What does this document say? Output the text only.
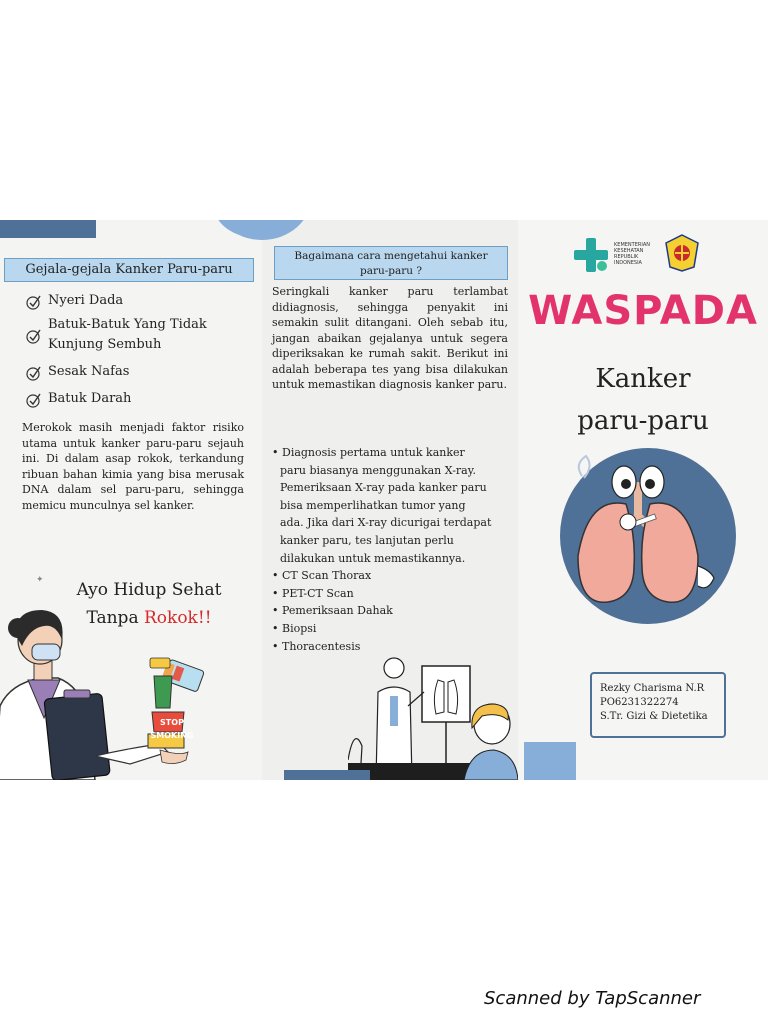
Gejala-gejala Kanker Paru-paru
Nyeri Dada
Batuk-Batuk Yang Tidak
Kunjung Sembuh
Sesak Nafas
Batuk Darah
Merokok masih menjadi faktor risiko utama untuk kanker paru-paru sejauh ini. Di dalam asap rokok, terkandung ribuan bahan kimia yang bisa merusak DNA dalam sel paru-paru, sehingga memicu munculnya sel kanker.
✦	Ayo Hidup Sehat
Tanpa Rokok!!
STOP
SMOKING
Bagaimana cara mengetahui kanker
paru-paru ?
Seringkali kanker paru terlambat didiagnosis, sehingga penyakit ini semakin sulit ditangani. Oleh sebab itu, jangan abaikan gejalanya untuk segera diperiksakan ke rumah sakit. Berikut ini adalah beberapa tes yang bisa dilakukan untuk memastikan diagnosis kanker paru.
• Diagnosis pertama untuk kanker
paru biasanya menggunakan X-ray.
Pemeriksaan X-ray pada kanker paru
bisa memperlihatkan tumor yang
ada. Jika dari X-ray dicurigai terdapat
kanker paru, tes lanjutan perlu
dilakukan untuk memastikannya.
• CT Scan Thorax
• PET-CT Scan
• Pemeriksaan Dahak
• Biopsi
• Thoracentesis
KEMENTERIAN
KESEHATAN
REPUBLIK
INDONESIA
WASPADA
Kanker
paru-paru
Rezky Charisma N.R
PO6231322274
S.Tr. Gizi & Dietetika
Scanned by TapScanner
